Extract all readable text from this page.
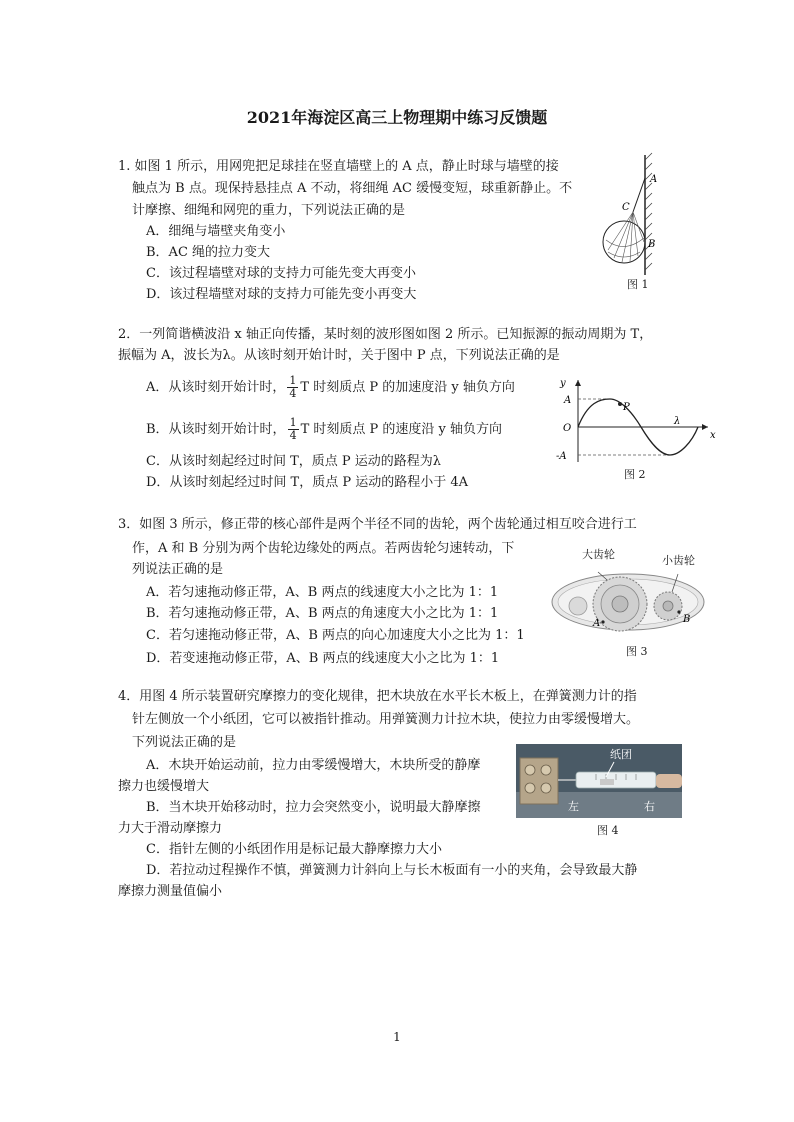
2021年海淀区高三上物理期中练习反馈题
1. 如图 1 所示，用网兜把足球挂在竖直墙壁上的 A 点，静止时球与墙壁的接
触点为 B 点。现保持悬挂点 A 不动，将细绳 AC 缓慢变短，球重新静止。不
计摩擦、细绳和网兜的重力，下列说法正确的是
A．细绳与墙壁夹角变小
B．AC 绳的拉力变大
C．该过程墙壁对球的支持力可能先变大再变小
D．该过程墙壁对球的支持力可能先变小再变大
A
C
B
图 1
2．一列简谐横波沿 x 轴正向传播，某时刻的波形图如图 2 所示。已知振源的振动周期为 T，
振幅为 A，波长为λ。从该时刻开始计时，关于图中 P 点，下列说法正确的是
A．从该时刻开始计时， $\frac{1}{4}$ T 时刻质点 P 的加速度沿 y 轴负方向
B．从该时刻开始计时， $\frac{1}{4}$ T 时刻质点 P 的速度沿 y 轴负方向
C．从该时刻起经过时间 T，质点 P 运动的路程为λ
D．从该时刻起经过时间 T，质点 P 运动的路程小于 4A
y
x
A
O
-A
P
λ
图 2
3．如图 3 所示，修正带的核心部件是两个半径不同的齿轮，两个齿轮通过相互咬合进行工
作，A 和 B 分别为两个齿轮边缘处的两点。若两齿轮匀速转动，下
列说法正确的是
A．若匀速拖动修正带，A、B 两点的线速度大小之比为 1：1
B．若匀速拖动修正带，A、B 两点的角速度大小之比为 1：1
C．若匀速拖动修正带，A、B 两点的向心加速度大小之比为 1：1
D．若变速拖动修正带，A、B 两点的线速度大小之比为 1：1
大齿轮	小齿轮
A	B
图 3
4．用图 4 所示装置研究摩擦力的变化规律，把木块放在水平长木板上，在弹簧测力计的指
针左侧放一个小纸团，它可以被指针推动。用弹簧测力计拉木块，使拉力由零缓慢增大。
下列说法正确的是
A．木块开始运动前，拉力由零缓慢增大，木块所受的静摩
擦力也缓慢增大
B．当木块开始移动时，拉力会突然变小，说明最大静摩擦
力大于滑动摩擦力
C．指针左侧的小纸团作用是标记最大静摩擦力大小
D．若拉动过程操作不慎，弹簧测力计斜向上与长木板面有一小的夹角，会导致最大静
摩擦力测量值偏小
纸团
左	右
图 4
1
